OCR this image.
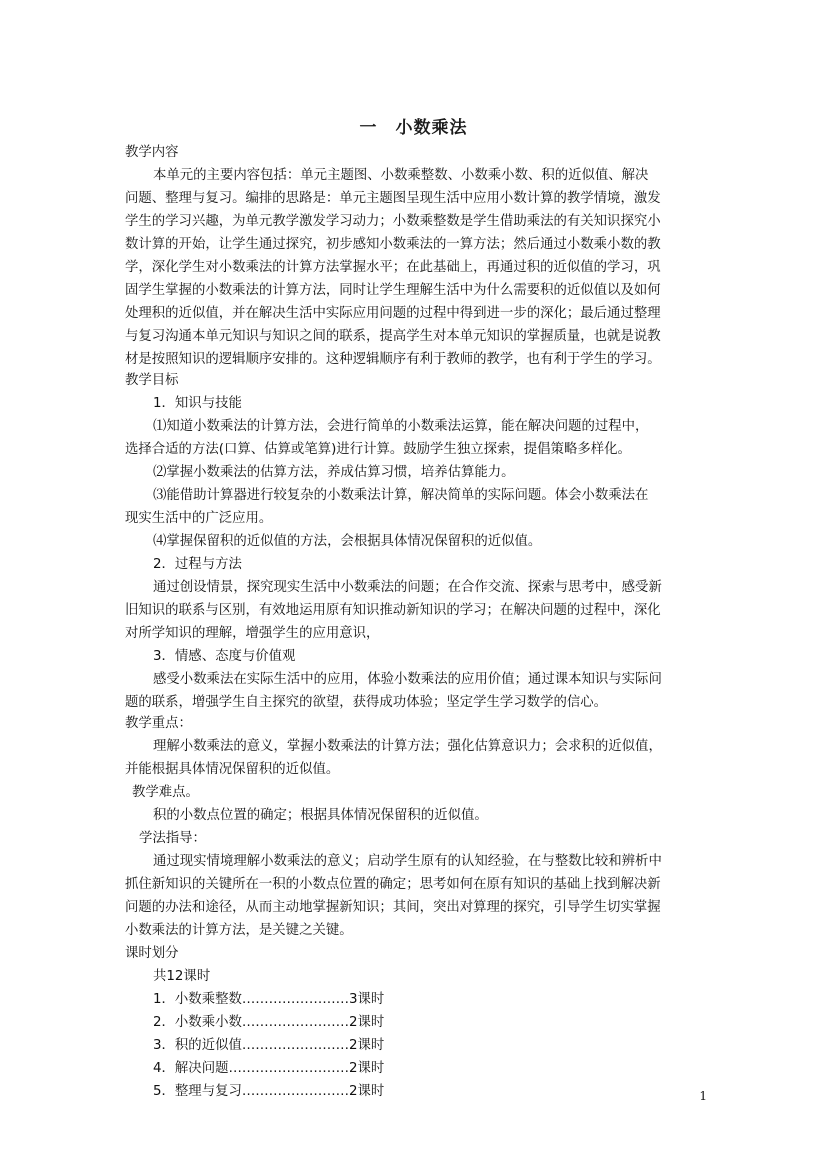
一　小数乘法
教学内容
本单元的主要内容包括：单元主题图、小数乘整数、小数乘小数、积的近似值、解决
问题、整理与复习。编排的思路是：单元主题图呈现生活中应用小数计算的教学情境，激发
学生的学习兴趣，为单元教学激发学习动力；小数乘整数是学生借助乘法的有关知识探究小
数计算的开始，让学生通过探究，初步感知小数乘法的一算方法；然后通过小数乘小数的教
学，深化学生对小数乘法的计算方法掌握水平；在此基础上，再通过积的近似值的学习，巩
固学生掌握的小数乘法的计算方法，同时让学生理解生活中为什么需要积的近似值以及如何
处理积的近似值，并在解决生活中实际应用问题的过程中得到进一步的深化；最后通过整理
与复习沟通本单元知识与知识之间的联系，提高学生对本单元知识的掌握质量，也就是说教
材是按照知识的逻辑顺序安排的。这种逻辑顺序有利于教师的教学，也有利于学生的学习。
教学目标
1．知识与技能
⑴知道小数乘法的计算方法，会进行简单的小数乘法运算，能在解决问题的过程中，
选择合适的方法(口算、估算或笔算)进行计算。鼓励学生独立探索，提倡策略多样化。
⑵掌握小数乘法的估算方法，养成估算习惯，培养估算能力。
⑶能借助计算器进行较复杂的小数乘法计算，解决简单的实际问题。体会小数乘法在
现实生活中的广泛应用。
⑷掌握保留积的近似值的方法，会根据具体情况保留积的近似值。
2．过程与方法
通过创设情景，探究现实生活中小数乘法的问题；在合作交流、探索与思考中，感受新
旧知识的联系与区别，有效地运用原有知识推动新知识的学习；在解决问题的过程中，深化
对所学知识的理解，增强学生的应用意识，
3．情感、态度与价值观
感受小数乘法在实际生活中的应用，体验小数乘法的应用价值；通过课本知识与实际问
题的联系，增强学生自主探究的欲望，获得成功体验；坚定学生学习数学的信心。
教学重点：
理解小数乘法的意义，掌握小数乘法的计算方法；强化估算意识力；会求积的近似值，
并能根据具体情况保留积的近似值。
教学难点。
积的小数点位置的确定；根据具体情况保留积的近似值。
学法指导：
通过现实情境理解小数乘法的意义；启动学生原有的认知经验，在与整数比较和辨析中
抓住新知识的关键所在一积的小数点位置的确定；思考如何在原有知识的基础上找到解决新
问题的办法和途径，从而主动地掌握新知识；其间，突出对算理的探究，引导学生切实掌握
小数乘法的计算方法，是关键之关键。
课时划分
共12课时
1．小数乘整数……………………3课时
2．小数乘小数……………………2课时
3．积的近似值……………………2课时
4．解决问题………………………2课时
5．整理与复习……………………2课时	1
